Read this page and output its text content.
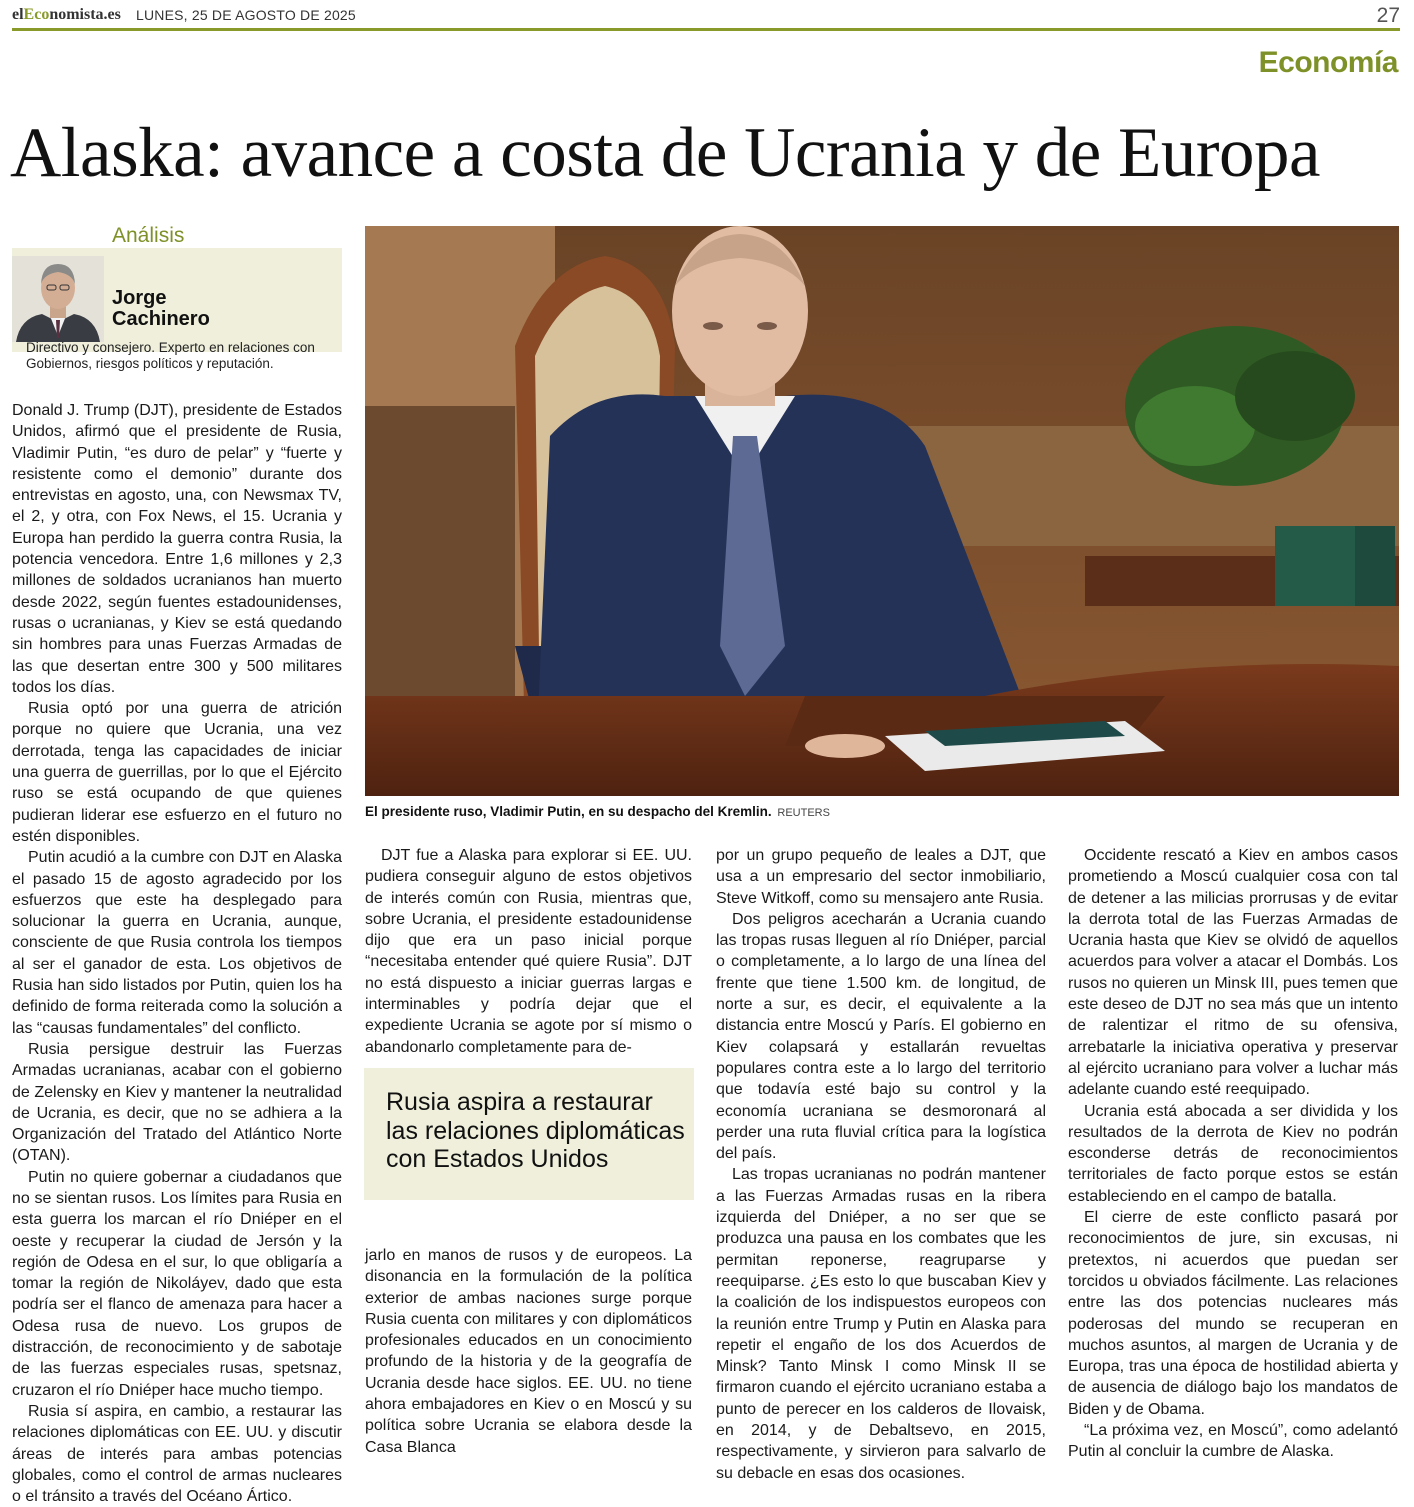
elEconomista.es LUNES, 25 DE AGOSTO DE 2025	27
Economía
Alaska: avance a costa de Ucrania y de Europa
Análisis
Jorge
Cachinero
Directivo y consejero. Experto en relaciones con Gobiernos, riesgos políticos y reputación.
El presidente ruso, Vladimir Putin, en su despacho del Kremlin. REUTERS

Donald J. Trump (DJT), presidente de Estados Unidos, afirmó que el presidente de Rusia, Vladimir Putin, “es duro de pelar” y “fuerte y resistente como el demonio” durante dos entrevistas en agosto, una, con Newsmax TV, el 2, y otra, con Fox News, el 15. Ucrania y Europa han perdido la guerra contra Rusia, la potencia vencedora. Entre 1,6 millones y 2,3 millones de soldados ucranianos han muerto desde 2022, según fuentes estadounidenses, rusas o ucranianas, y Kiev se está quedando sin hombres para unas Fuerzas Armadas de las que desertan entre 300 y 500 militares todos los días.

Rusia optó por una guerra de atrición porque no quiere que Ucrania, una vez derrotada, tenga las capacidades de iniciar una guerra de guerrillas, por lo que el Ejército ruso se está ocupando de que quienes pudieran liderar ese esfuerzo en el futuro no estén disponibles.

Putin acudió a la cumbre con DJT en Alaska el pasado 15 de agosto agradecido por los esfuerzos que este ha desplegado para solucionar la guerra en Ucrania, aunque, consciente de que Rusia controla los tiempos al ser el ganador de esta. Los objetivos de Rusia han sido listados por Putin, quien los ha definido de forma reiterada como la solución a las “causas fundamentales” del conflicto.

Rusia persigue destruir las Fuerzas Armadas ucranianas, acabar con el gobierno de Zelensky en Kiev y mantener la neutralidad de Ucrania, es decir, que no se adhiera a la Organización del Tratado del Atlántico Norte (OTAN).

Putin no quiere gobernar a ciudadanos que no se sientan rusos. Los límites para Rusia en esta guerra los marcan el río Dniéper en el oeste y recuperar la ciudad de Jersón y la región de Odesa en el sur, lo que obligaría a tomar la región de Nikoláyev, dado que esta podría ser el flanco de amenaza para hacer a Odesa rusa de nuevo. Los grupos de distracción, de reconocimiento y de sabotaje de las fuerzas especiales rusas, spetsnaz, cruzaron el río Dniéper hace mucho tiempo.

Rusia sí aspira, en cambio, a restaurar las relaciones diplomáticas con EE. UU. y discutir áreas de interés para ambas potencias globales, como el control de armas nucleares o el tránsito a través del Océano Ártico.

DJT fue a Alaska para explorar si EE. UU. pudiera conseguir alguno de estos objetivos de interés común con Rusia, mientras que, sobre Ucrania, el presidente estadounidense dijo que era un paso inicial porque “necesitaba entender qué quiere Rusia”. DJT no está dispuesto a iniciar guerras largas e interminables y podría dejar que el expediente Ucrania se agote por sí mismo o abandonarlo completamente para de-

Rusia aspira a restaurar las relaciones diplomáticas con Estados Unidos

jarlo en manos de rusos y de europeos. La disonancia en la formulación de la política exterior de ambas naciones surge porque Rusia cuenta con militares y con diplomáticos profesionales educados en un conocimiento profundo de la historia y de la geografía de Ucrania desde hace siglos. EE. UU. no tiene ahora embajadores en Kiev o en Moscú y su política sobre Ucrania se elabora desde la Casa Blanca

por un grupo pequeño de leales a DJT, que usa a un empresario del sector inmobiliario, Steve Witkoff, como su mensajero ante Rusia.

Dos peligros acecharán a Ucrania cuando las tropas rusas lleguen al río Dniéper, parcial o completamente, a lo largo de una línea del frente que tiene 1.500 km. de longitud, de norte a sur, es decir, el equivalente a la distancia entre Moscú y París. El gobierno en Kiev colapsará y estallarán revueltas populares contra este a lo largo del territorio que todavía esté bajo su control y la economía ucraniana se desmoronará al perder una ruta fluvial crítica para la logística del país.

Las tropas ucranianas no podrán mantener a las Fuerzas Armadas rusas en la ribera izquierda del Dniéper, a no ser que se produzca una pausa en los combates que les permitan reponerse, reagruparse y reequiparse. ¿Es esto lo que buscaban Kiev y la coalición de los indispuestos europeos con la reunión entre Trump y Putin en Alaska para repetir el engaño de los dos Acuerdos de Minsk? Tanto Minsk I como Minsk II se firmaron cuando el ejército ucraniano estaba a punto de perecer en los calderos de Ilovaisk, en 2014, y de Debaltsevo, en 2015, respectivamente, y sirvieron para salvarlo de su debacle en esas dos ocasiones.

Occidente rescató a Kiev en ambos casos prometiendo a Moscú cualquier cosa con tal de detener a las milicias prorrusas y de evitar la derrota total de las Fuerzas Armadas de Ucrania hasta que Kiev se olvidó de aquellos acuerdos para volver a atacar el Dombás. Los rusos no quieren un Minsk III, pues temen que este deseo de DJT no sea más que un intento de ralentizar el ritmo de su ofensiva, arrebatarle la iniciativa operativa y preservar al ejército ucraniano para volver a luchar más adelante cuando esté reequipado.

Ucrania está abocada a ser dividida y los resultados de la derrota de Kiev no podrán esconderse detrás de reconocimientos territoriales de facto porque estos se están estableciendo en el campo de batalla.

El cierre de este conflicto pasará por reconocimientos de jure, sin excusas, ni pretextos, ni acuerdos que puedan ser torcidos u obviados fácilmente. Las relaciones entre las dos potencias nucleares más poderosas del mundo se recuperan en muchos asuntos, al margen de Ucrania y de Europa, tras una época de hostilidad abierta y de ausencia de diálogo bajo los mandatos de Biden y de Obama.

“La próxima vez, en Moscú”, como adelantó Putin al concluir la cumbre de Alaska.
